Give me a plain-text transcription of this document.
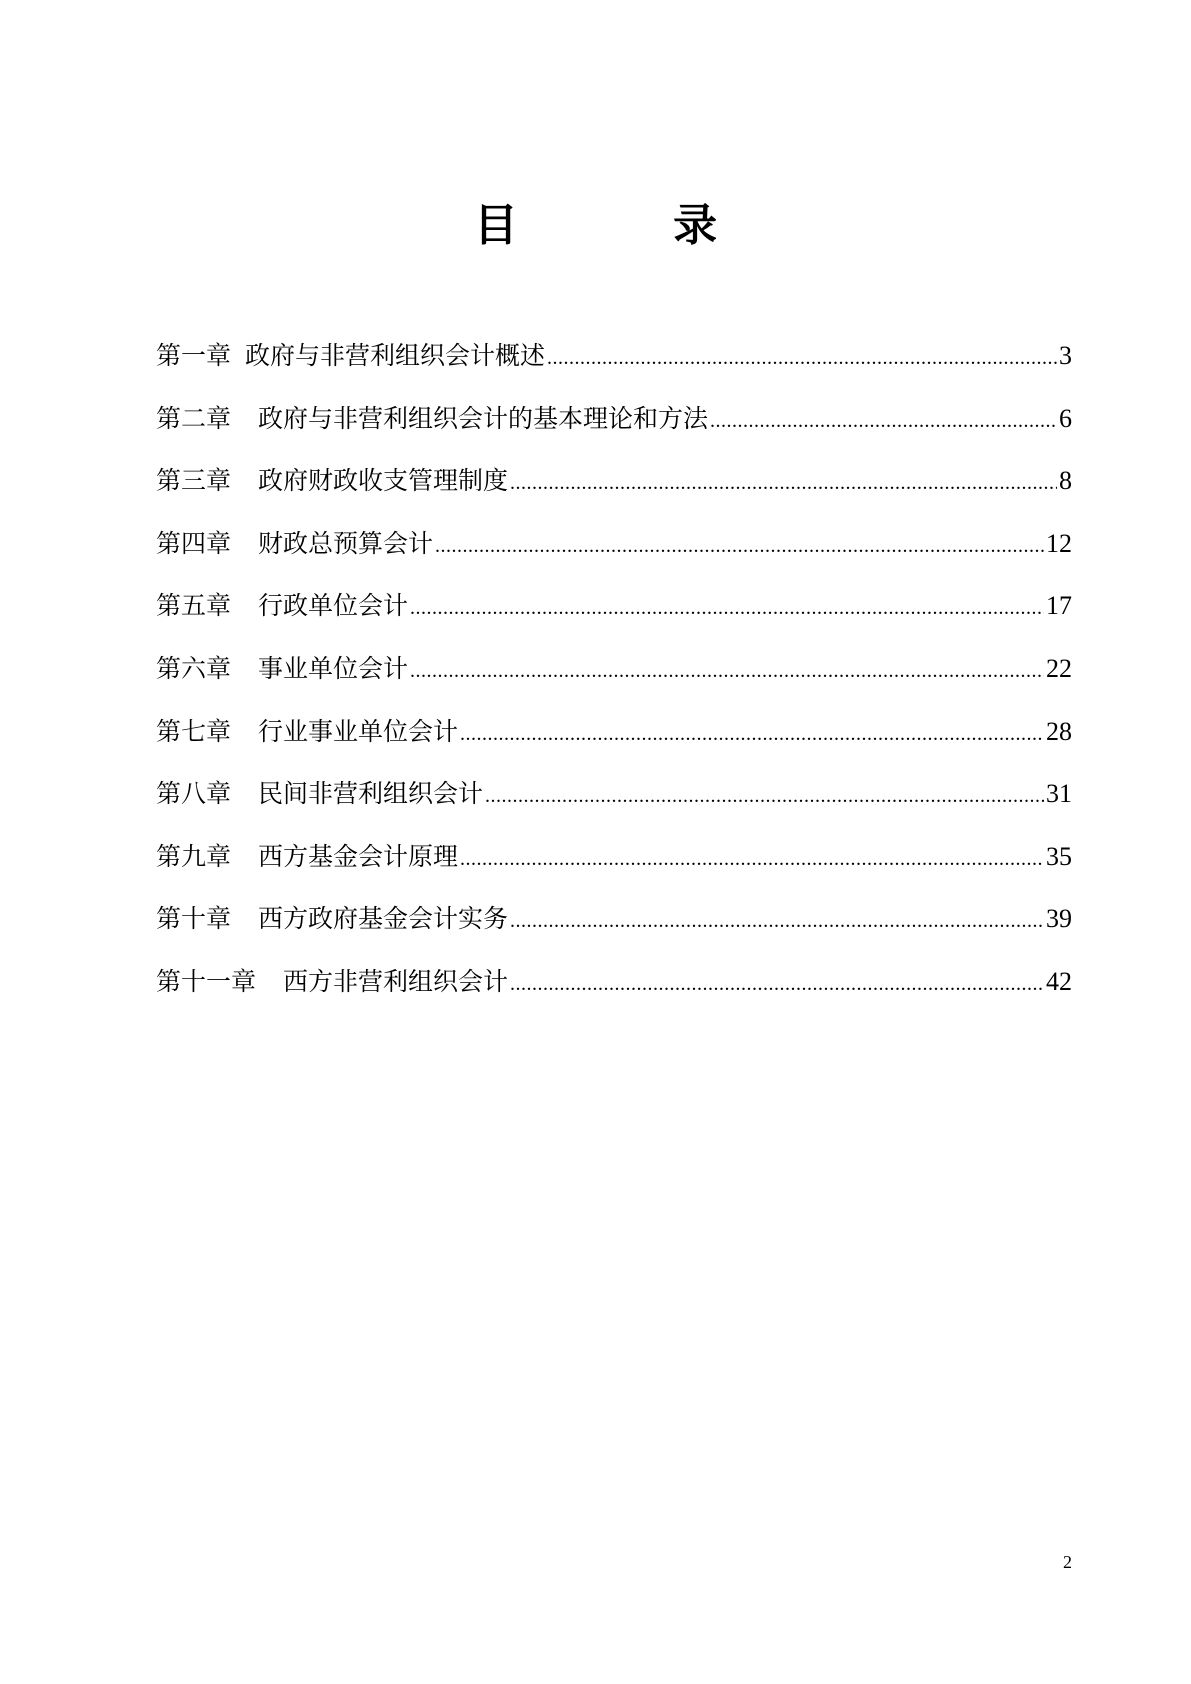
目 录
第一章 政府与非营利组织会计概述 .....	3
第二章 政府与非营利组织会计的基本理论和方法 .....	6
第三章 政府财政收支管理制度 .....	8
第四章 财政总预算会计 .....	12
第五章 行政单位会计 .....	17
第六章 事业单位会计 .....	22
第七章 行业事业单位会计 .....	28
第八章 民间非营利组织会计 .....	31
第九章 西方基金会计原理 .....	35
第十章 西方政府基金会计实务 .....	39
第十一章 西方非营利组织会计 .....	42
2
